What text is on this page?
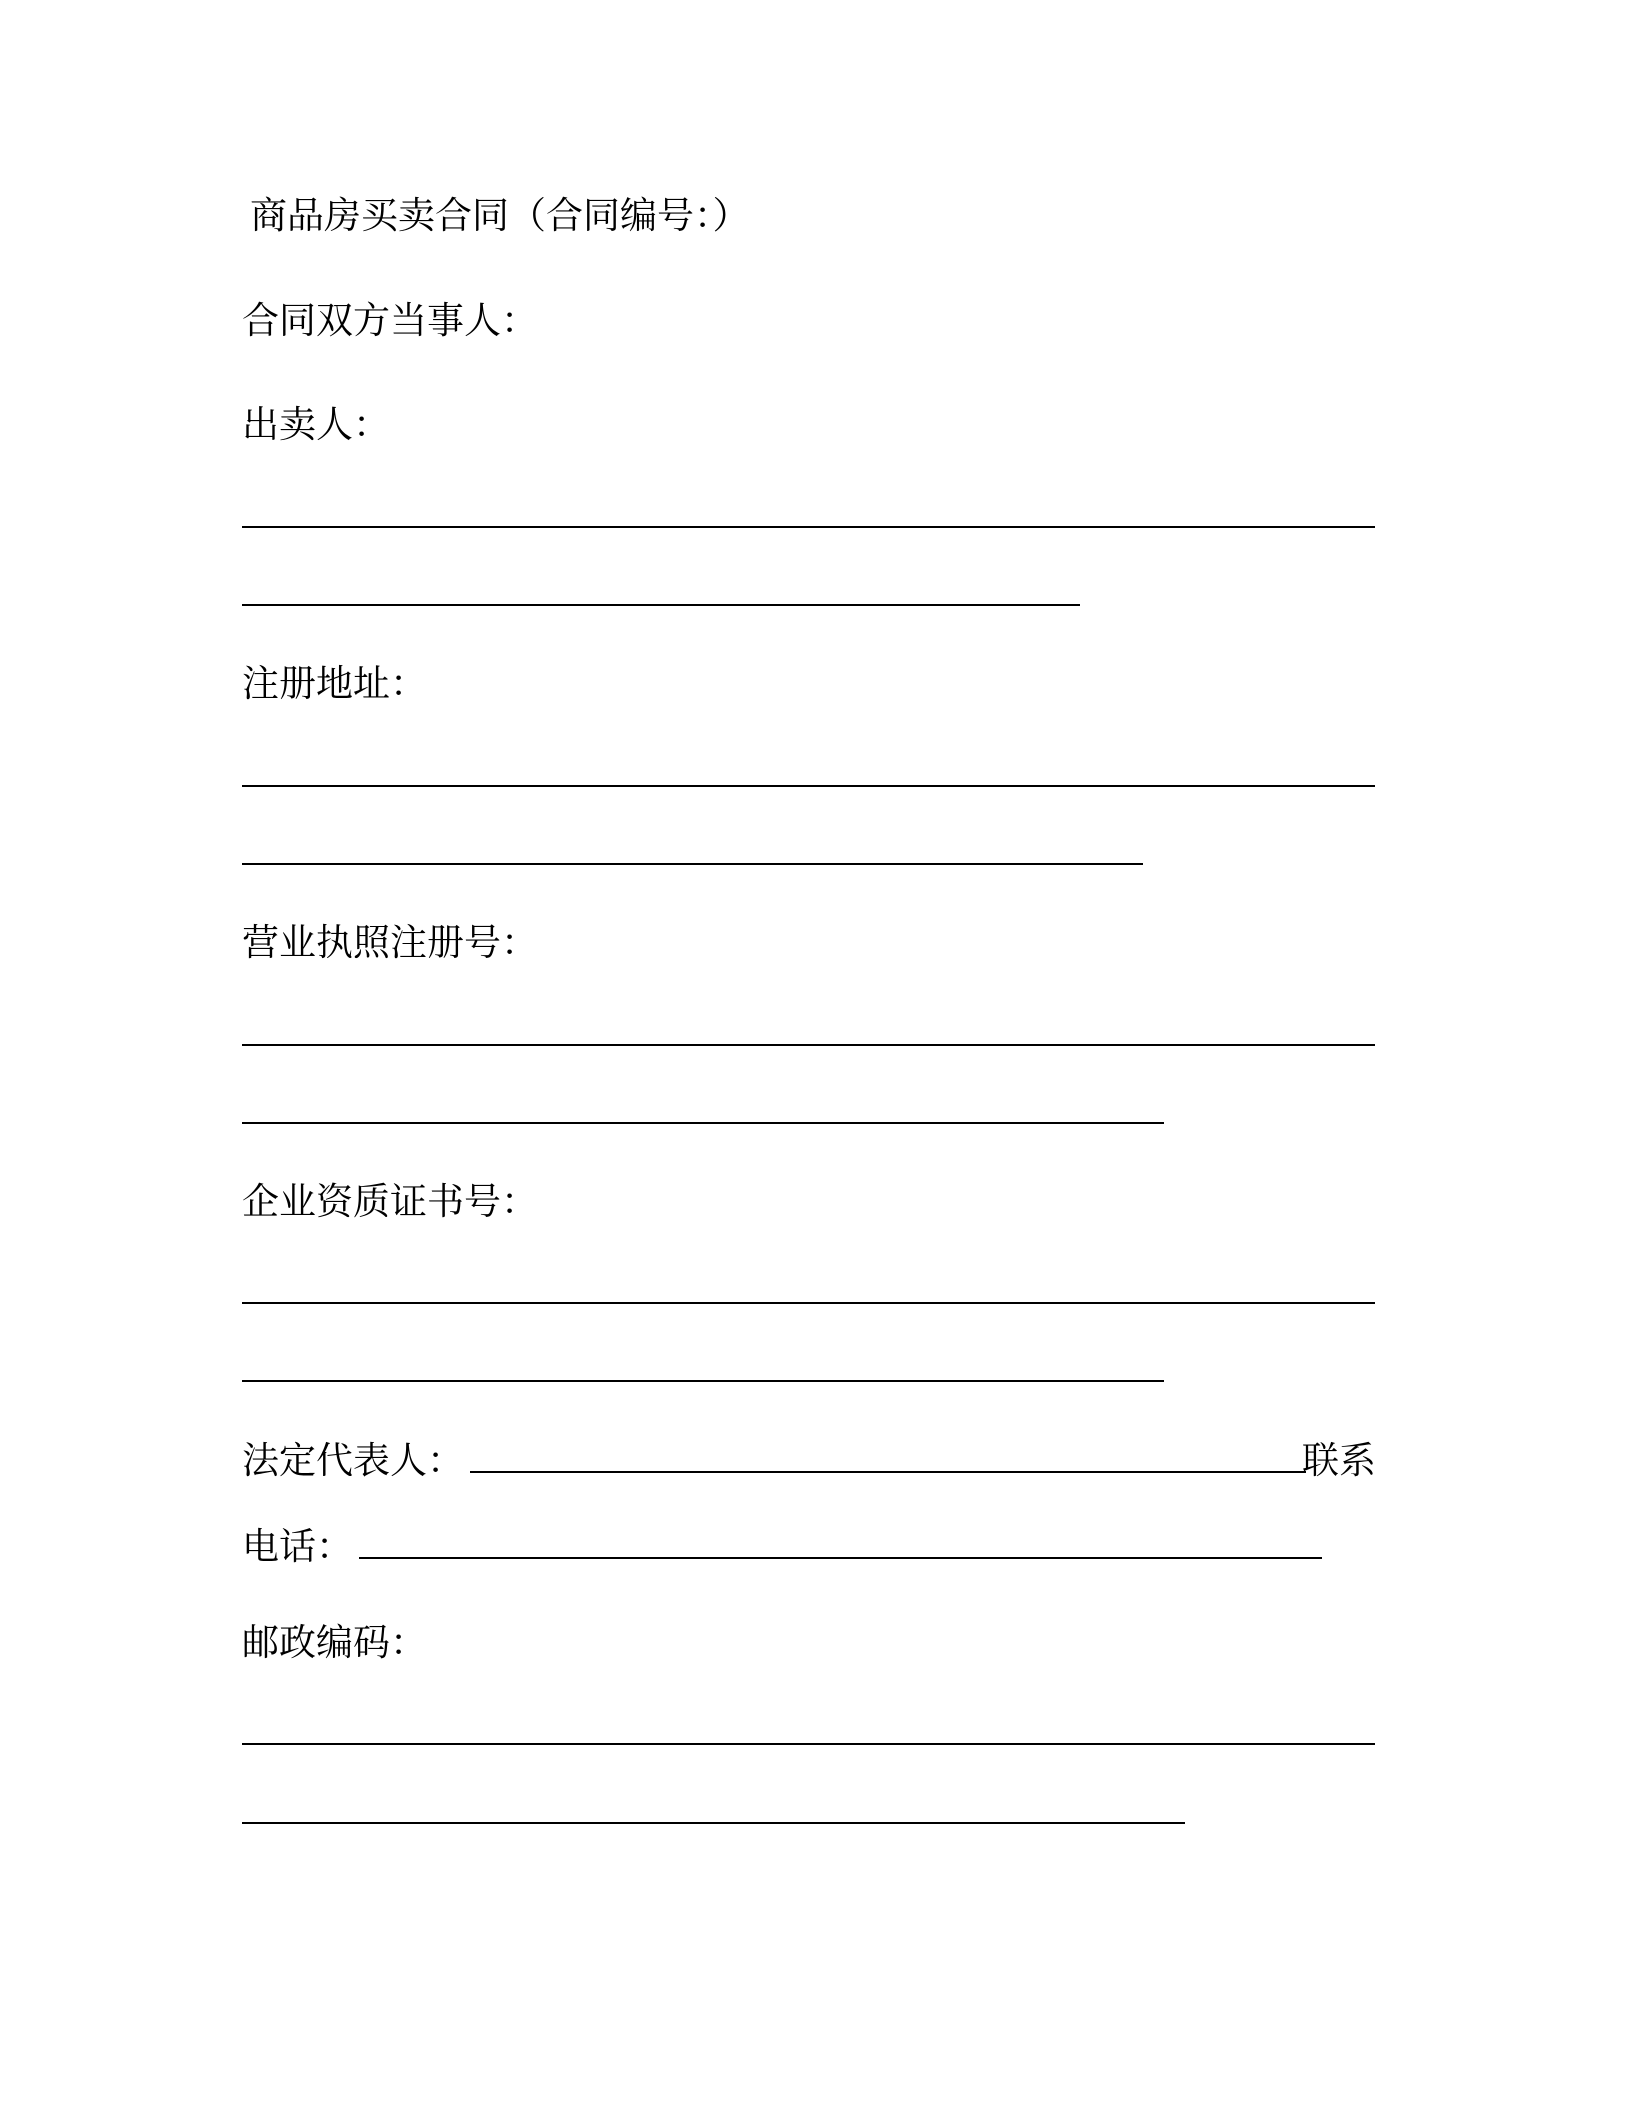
商品房买卖合同（合同编号：）
合同双方当事人：
出卖人：
注册地址：
营业执照注册号：
企业资质证书号：
法定代表人：	联系
电话：
邮政编码：
